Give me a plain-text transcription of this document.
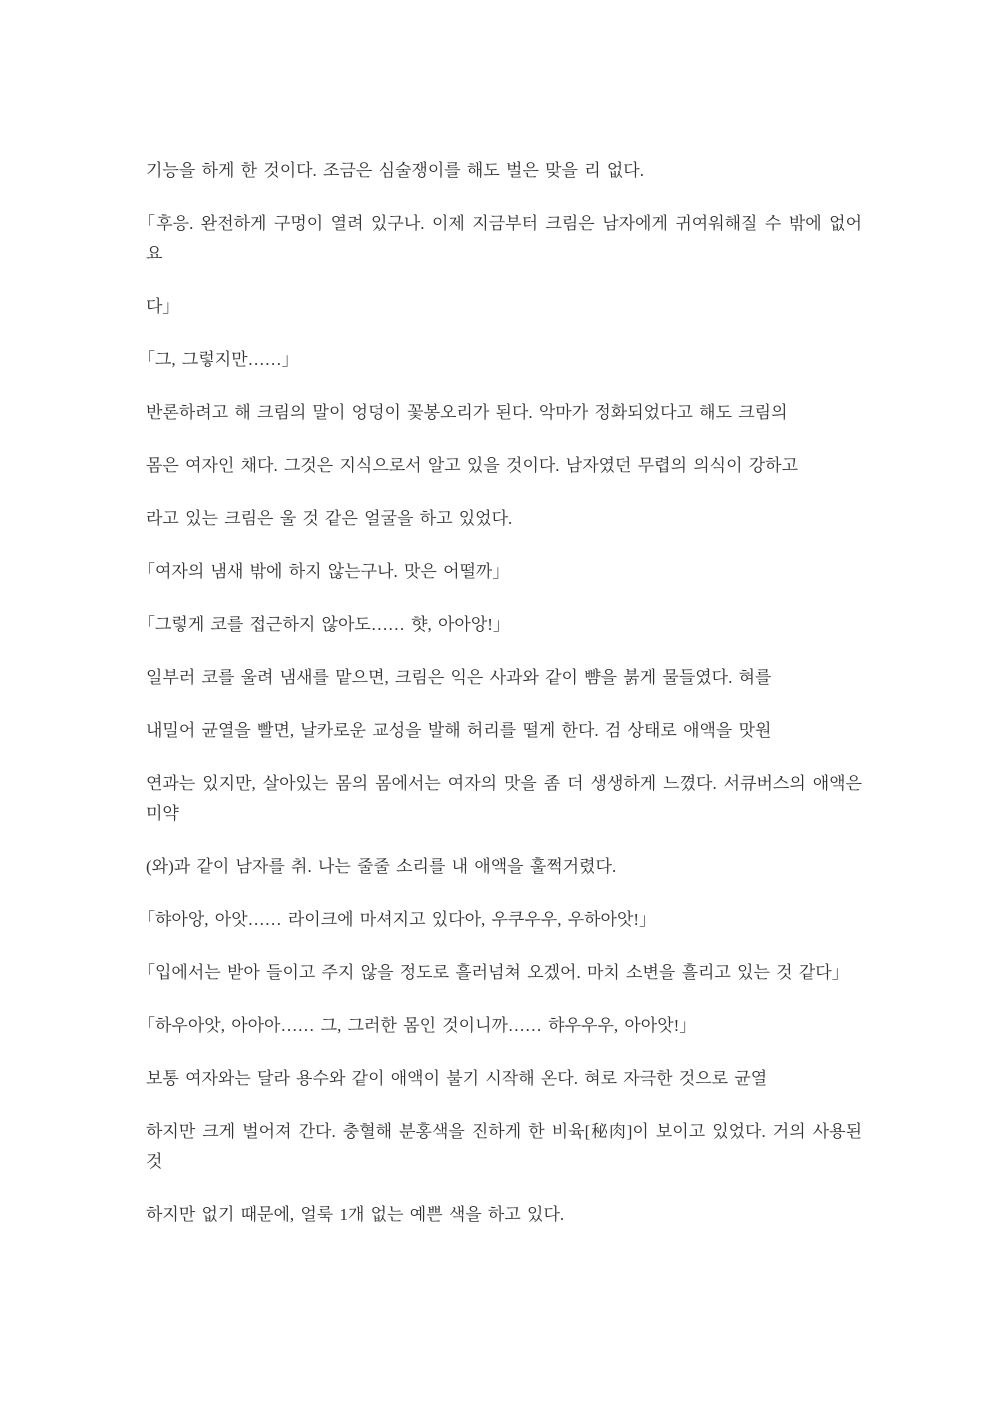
기능을 하게 한 것이다. 조금은 심술쟁이를 해도 벌은 맞을 리 없다.

「후응. 완전하게 구멍이 열려 있구나. 이제 지금부터 크림은 남자에게 귀여워해질 수 밖에 없어요

다」

「그, 그렇지만……」

반론하려고 해 크림의 말이 엉덩이 꽃봉오리가 된다. 악마가 정화되었다고 해도 크림의

몸은 여자인 채다. 그것은 지식으로서 알고 있을 것이다. 남자였던 무렵의 의식이 강하고

라고 있는 크림은 울 것 같은 얼굴을 하고 있었다.

「여자의 냄새 밖에 하지 않는구나. 맛은 어떨까」

「그렇게 코를 접근하지 않아도…… 햣, 아아앙!」

일부러 코를 울려 냄새를 맡으면, 크림은 익은 사과와 같이 뺨을 붉게 물들였다. 혀를

내밀어 균열을 빨면, 날카로운 교성을 발해 허리를 떨게 한다. 검 상태로 애액을 맛원

연과는 있지만, 살아있는 몸의 몸에서는 여자의 맛을 좀 더 생생하게 느꼈다. 서큐버스의 애액은 미약

(와)과 같이 남자를 취. 나는 줄줄 소리를 내 애액을 훌쩍거렸다.

「햐아앙, 아앗…… 라이크에 마셔지고 있다아, 우쿠우우, 우하아앗!」

「입에서는 받아 들이고 주지 않을 정도로 흘러넘쳐 오겠어. 마치 소변을 흘리고 있는 것 같다」

「하우아앗, 아아아…… 그, 그러한 몸인 것이니까…… 햐우우우, 아아앗!」

보통 여자와는 달라 용수와 같이 애액이 불기 시작해 온다. 혀로 자극한 것으로 균열

하지만 크게 벌어져 간다. 충혈해 분홍색을 진하게 한 비육[秘肉]이 보이고 있었다. 거의 사용된 것

하지만 없기 때문에, 얼룩 1개 없는 예쁜 색을 하고 있다.
